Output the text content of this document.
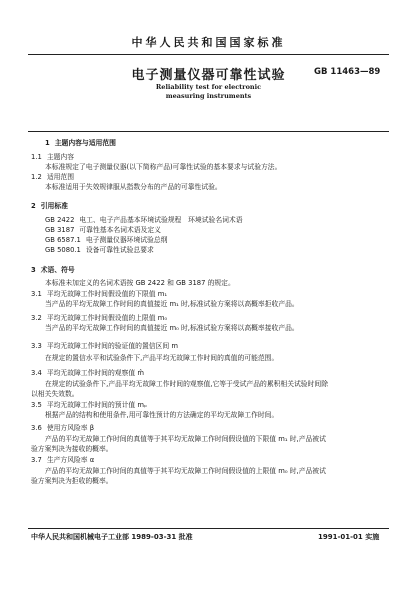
中华人民共和国国家标准
电子测量仪器可靠性试验	GB 11463—89
Reliability test for electronic
measuring instruments
1 主题内容与适用范围
1.1 主题内容
本标准规定了电子测量仪器(以下简称产品)可靠性试验的基本要求与试验方法。
1.2 适用范围
本标准适用于失效规律服从指数分布的产品的可靠性试验。
2 引用标准
GB 2422 电工、电子产品基本环境试验规程　环境试验名词术语
GB 3187 可靠性基本名词术语及定义
GB 6587.1 电子测量仪器环境试验总纲
GB 5080.1 设备可靠性试验总要求
3 术语、符号
本标准未加定义的名词术语按 GB 2422 和 GB 3187 的规定。
3.1 平均无故障工作时间假设值的下限值 m₁
当产品的平均无故障工作时间的真值接近 m₁ 时,标准试验方案将以高概率拒收产品。
3.2 平均无故障工作时间假设值的上限值 m₀
当产品的平均无故障工作时间的真值接近 m₀ 时,标准试验方案将以高概率接收产品。
3.3 平均无故障工作时间的验证值的置信区间 m
在规定的置信水平和试验条件下,产品平均无故障工作时间的真值的可能范围。
3.4 平均无故障工作时间的观察值 m̂
在规定的试验条件下,产品平均无故障工作时间的观察值,它等于受试产品的累积相关试验时间除
以相关失效数。
3.5 平均无故障工作时间的预计值 mₚ
根据产品的结构和使用条件,用可靠性预计的方法确定的平均无故障工作时间。
3.6 使用方风险率 β
产品的平均无故障工作时间的真值等于其平均无故障工作时间假设值的下限值 m₁ 时,产品被试
验方案判决为接收的概率。
3.7 生产方风险率 α
产品的平均无故障工作时间的真值等于其平均无故障工作时间假设值的上限值 m₀ 时,产品被试
验方案判决为拒收的概率。
中华人民共和国机械电子工业部 1989-03-31 批准	1991-01-01 实施
